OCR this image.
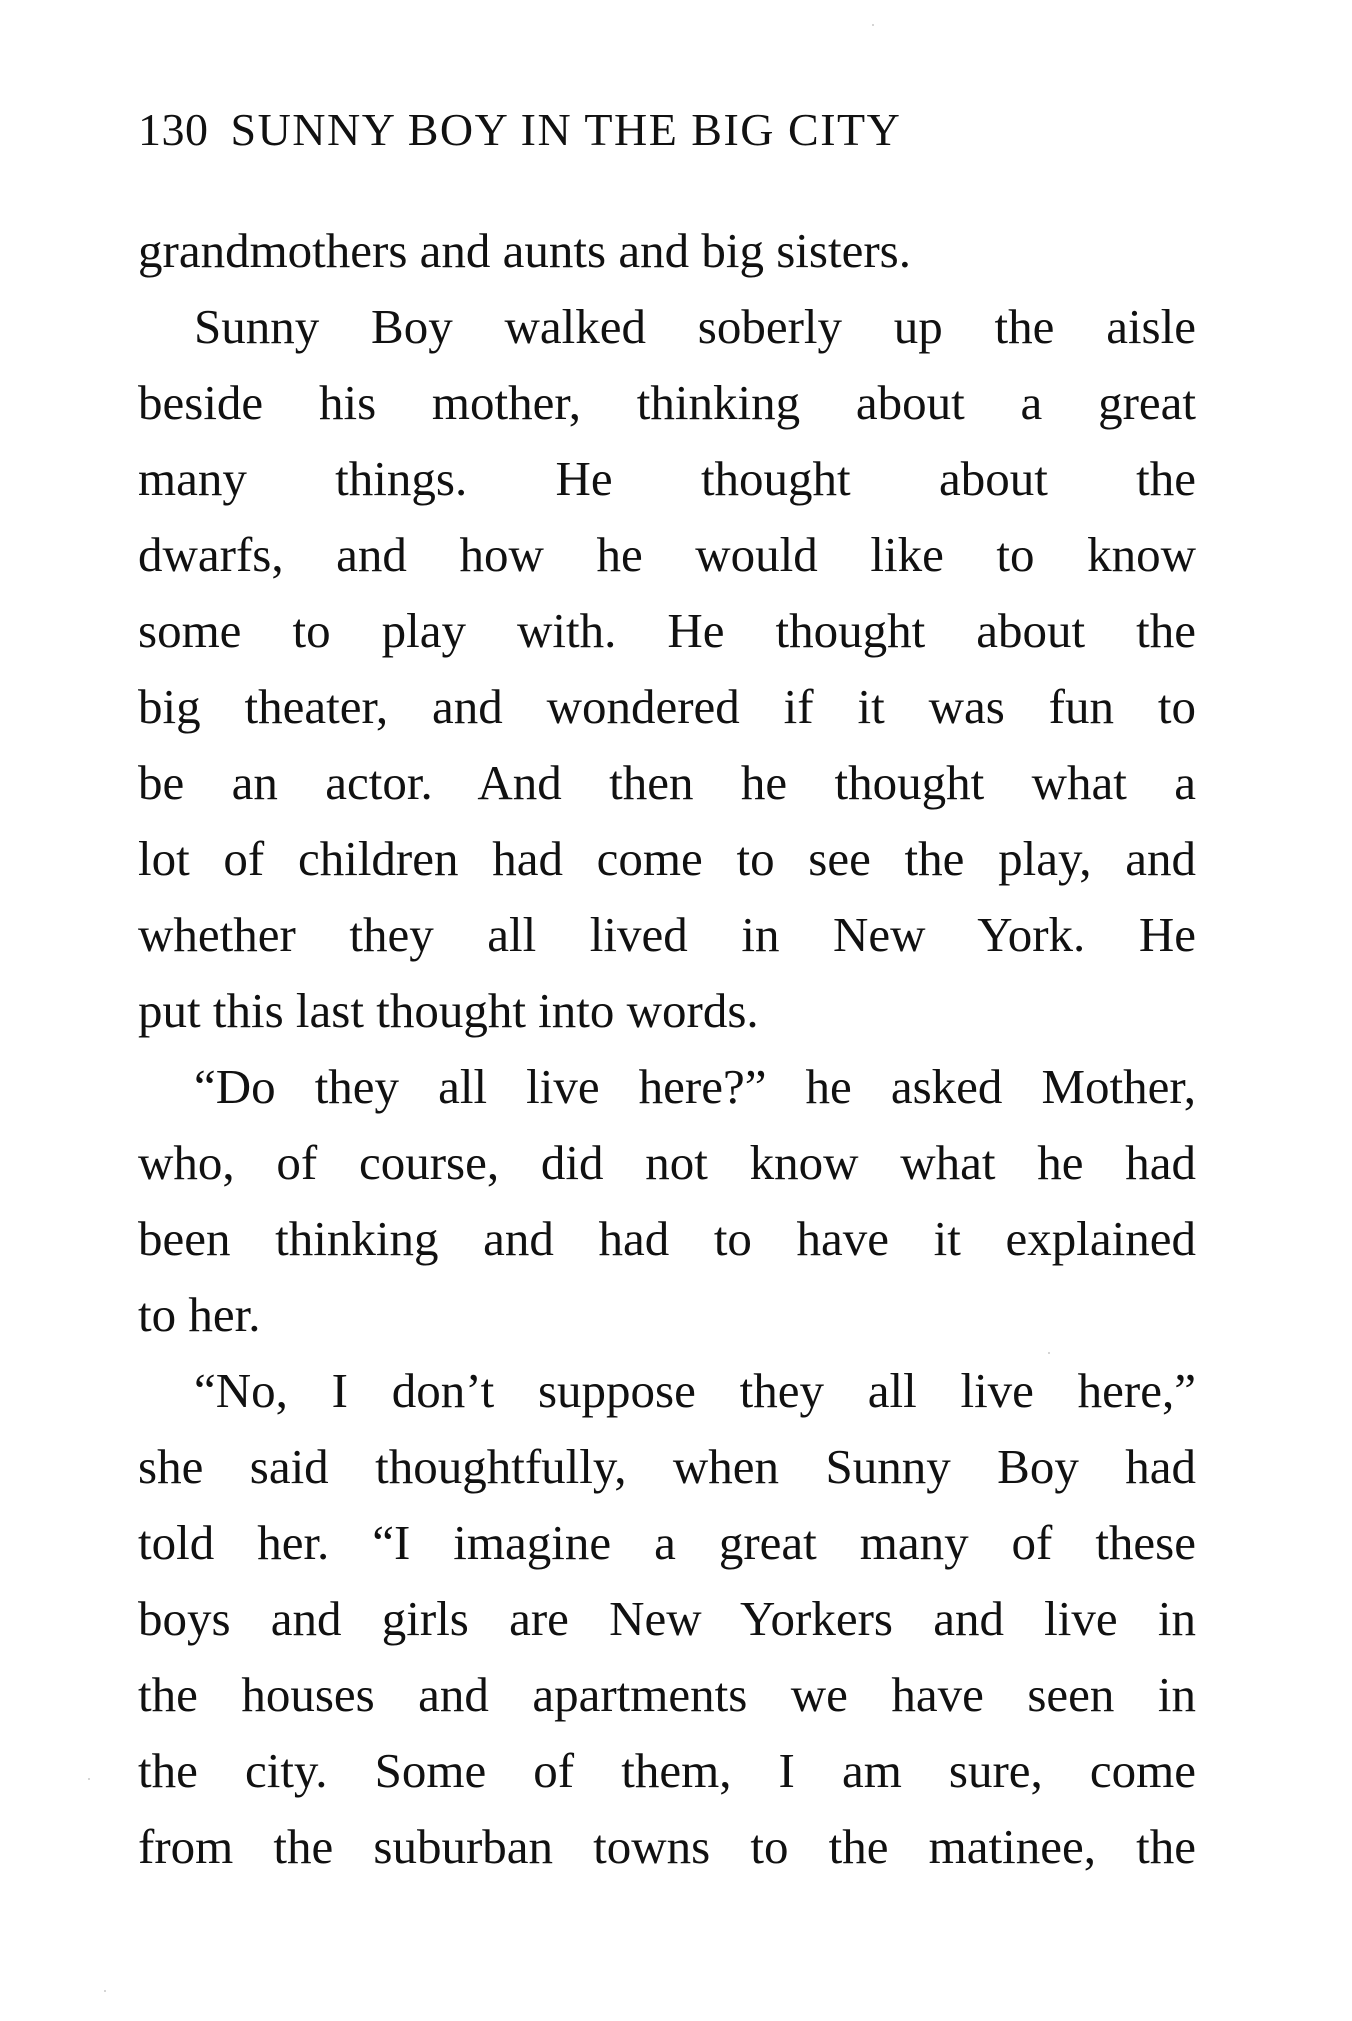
130 SUNNY BOY IN THE BIG CITY
grandmothers and aunts and big sisters.
Sunny Boy walked soberly up the aisle
beside his mother, thinking about a great
many things. He thought about the
dwarfs, and how he would like to know
some to play with. He thought about the
big theater, and wondered if it was fun to
be an actor. And then he thought what a
lot of children had come to see the play, and
whether they all lived in New York. He
put this last thought into words.
“Do they all live here?” he asked Mother,
who, of course, did not know what he had
been thinking and had to have it explained
to her.
“No, I don’t suppose they all live here,”
she said thoughtfully, when Sunny Boy had
told her. “I imagine a great many of these
boys and girls are New Yorkers and live in
the houses and apartments we have seen in
the city. Some of them, I am sure, come
from the suburban towns to the matinee, the
